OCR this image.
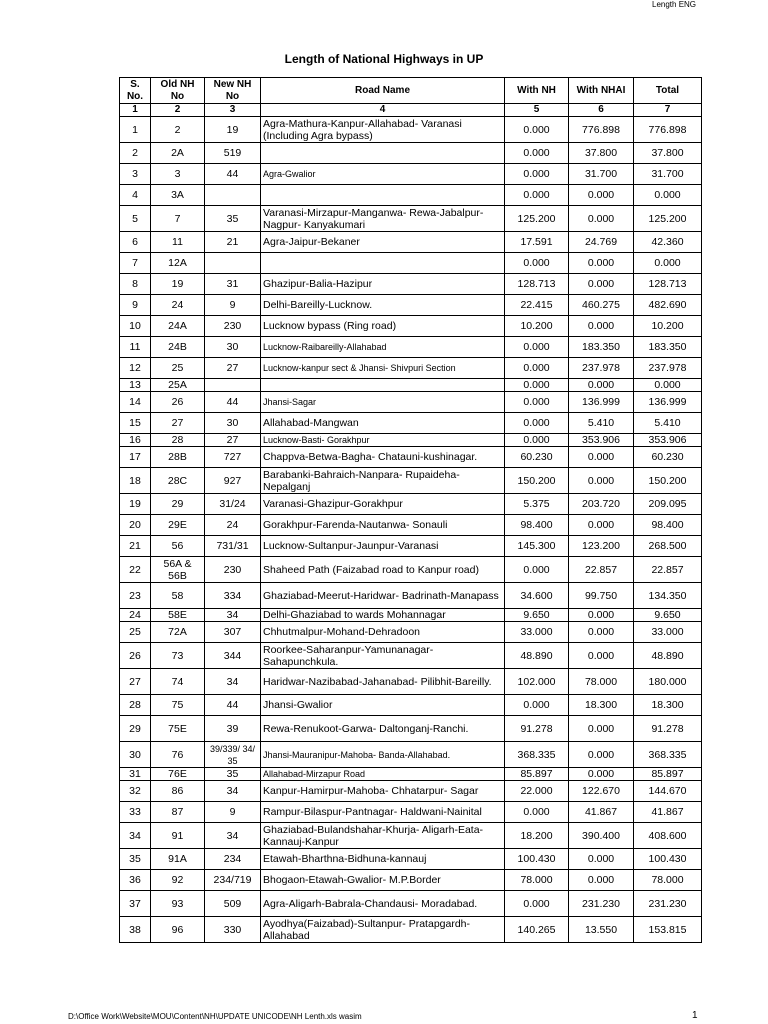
Length ENG
Length of National Highways in UP
S. No.	Old NH No	New NH No	Road Name	With NH	With NHAI	Total
1	2	3	4	5	6	7
1	2	19	Agra-Mathura-Kanpur-Allahabad- Varanasi (Including Agra bypass)	0.000	776.898	776.898
2	2A	519		0.000	37.800	37.800
3	3	44	Agra-Gwalior	0.000	31.700	31.700
4	3A			0.000	0.000	0.000
5	7	35	Varanasi-Mirzapur-Manganwa- Rewa-Jabalpur-Nagpur- Kanyakumari	125.200	0.000	125.200
6	11	21	Agra-Jaipur-Bekaner	17.591	24.769	42.360
7	12A			0.000	0.000	0.000
8	19	31	Ghazipur-Balia-Hazipur	128.713	0.000	128.713
9	24	9	Delhi-Bareilly-Lucknow.	22.415	460.275	482.690
10	24A	230	Lucknow bypass (Ring road)	10.200	0.000	10.200
11	24B	30	Lucknow-Raibareilly-Allahabad	0.000	183.350	183.350
12	25	27	Lucknow-kanpur sect & Jhansi- Shivpuri Section	0.000	237.978	237.978
13	25A			0.000	0.000	0.000
14	26	44	Jhansi-Sagar	0.000	136.999	136.999
15	27	30	Allahabad-Mangwan	0.000	5.410	5.410
16	28	27	Lucknow-Basti- Gorakhpur	0.000	353.906	353.906
17	28B	727	Chappva-Betwa-Bagha- Chatauni-kushinagar.	60.230	0.000	60.230
18	28C	927	Barabanki-Bahraich-Nanpara- Rupaideha-Nepalganj	150.200	0.000	150.200
19	29	31/24	Varanasi-Ghazipur-Gorakhpur	5.375	203.720	209.095
20	29E	24	Gorakhpur-Farenda-Nautanwa- Sonauli	98.400	0.000	98.400
21	56	731/31	Lucknow-Sultanpur-Jaunpur-Varanasi	145.300	123.200	268.500
22	56A & 56B	230	Shaheed Path (Faizabad road to Kanpur road)	0.000	22.857	22.857
23	58	334	Ghaziabad-Meerut-Haridwar- Badrinath-Manapass	34.600	99.750	134.350
24	58E	34	Delhi-Ghaziabad to wards Mohannagar	9.650	0.000	9.650
25	72A	307	Chhutmalpur-Mohand-Dehradoon	33.000	0.000	33.000
26	73	344	Roorkee-Saharanpur-Yamunanagar-Sahapunchkula.	48.890	0.000	48.890
27	74	34	Haridwar-Nazibabad-Jahanabad- Pilibhit-Bareilly.	102.000	78.000	180.000
28	75	44	Jhansi-Gwalior	0.000	18.300	18.300
29	75E	39	Rewa-Renukoot-Garwa- Daltonganj-Ranchi.	91.278	0.000	91.278
30	76	39/339/ 34/ 35	Jhansi-Mauranipur-Mahoba- Banda-Allahabad.	368.335	0.000	368.335
31	76E	35	Allahabad-Mirzapur Road	85.897	0.000	85.897
32	86	34	Kanpur-Hamirpur-Mahoba- Chhatarpur- Sagar	22.000	122.670	144.670
33	87	9	Rampur-Bilaspur-Pantnagar- Haldwani-Nainital	0.000	41.867	41.867
34	91	34	Ghaziabad-Bulandshahar-Khurja- Aligarh-Eata-Kannauj-Kanpur	18.200	390.400	408.600
35	91A	234	Etawah-Bharthna-Bidhuna-kannauj	100.430	0.000	100.430
36	92	234/719	Bhogaon-Etawah-Gwalior- M.P.Border	78.000	0.000	78.000
37	93	509	Agra-Aligarh-Babrala-Chandausi- Moradabad.	0.000	231.230	231.230
38	96	330	Ayodhya(Faizabad)-Sultanpur- Pratapgardh-Allahabad	140.265	13.550	153.815
D:\Office Work\Website\MOU\Content\NH\UPDATE UNICODE\NH Lenth.xls wasim	1
